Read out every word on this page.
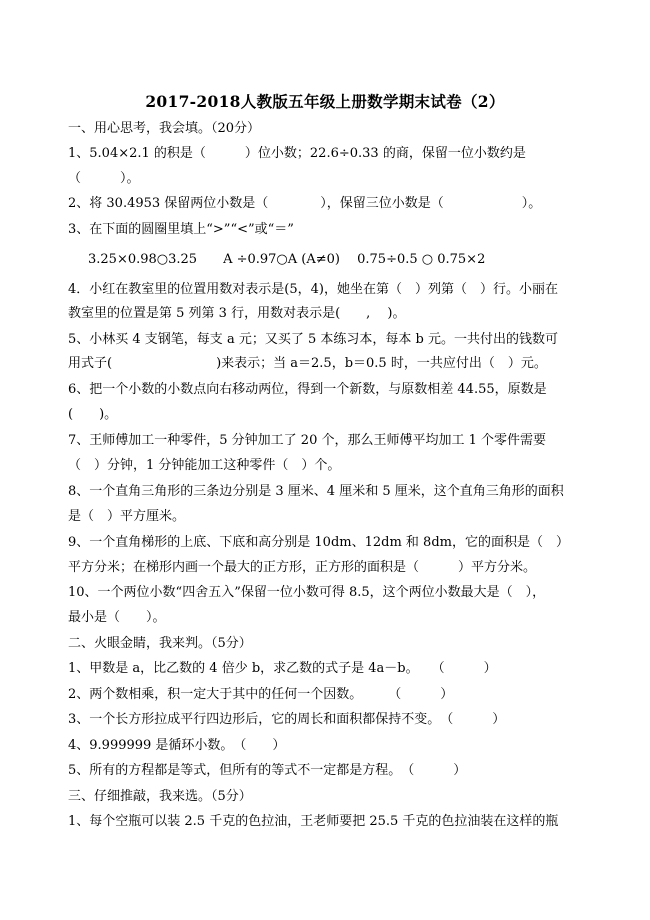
2017-2018人教版五年级上册数学期末试卷（2）
一、用心思考，我会填。（20分）
1、5.04×2.1 的积是（　　　）位小数；22.6÷0.33 的商，保留一位小数约是
（　　　）。
2、将 30.4953 保留两位小数是（　　　　），保留三位小数是（　　　　　　）。
3、在下面的圆圈里填上“>”“<”或“＝”
3.25×0.98○3.25　　A ÷0.97○A (A≠0)　 0.75÷0.5 ○ 0.75×2
4．小红在教室里的位置用数对表示是(5，4)，她坐在第（　）列第（　）行。小丽在
教室里的位置是第 5 列第 3 行，用数对表示是(　　,　 )。
5、小林买 4 支钢笔，每支 a 元；又买了 5 本练习本，每本 b 元。一共付出的钱数可
用式子(　　　　　　　　)来表示；当 a＝2.5，b＝0.5 时，一共应付出（　）元。
6、把一个小数的小数点向右移动两位，得到一个新数，与原数相差 44.55，原数是
(　　)。
7、王师傅加工一种零件，5 分钟加工了 20 个，那么王师傅平均加工 1 个零件需要
（　）分钟，1 分钟能加工这种零件（　）个。
8、一个直角三角形的三条边分别是 3 厘米、4 厘米和 5 厘米，这个直角三角形的面积
是（　）平方厘米。
9、一个直角梯形的上底、下底和高分别是 10dm、12dm 和 8dm，它的面积是（　）
平方分米；在梯形内画一个最大的正方形，正方形的面积是（　　　）平方分米。
10、一个两位小数“四舍五入”保留一位小数可得 8.5，这个两位小数最大是（　），
最小是（　　）。
二、火眼金睛，我来判。（5分）
1、甲数是 a，比乙数的 4 倍少 b，求乙数的式子是 4a－b。　　（　　　）
2、两个数相乘，积一定大于其中的任何一个因数。　　　（　　　）
3、一个长方形拉成平行四边形后，它的周长和面积都保持不变。　（　　　）
4、9.999999 是循环小数。　（　　）
5、所有的方程都是等式，但所有的等式不一定都是方程。　（　　　）
三、仔细推敲，我来选。（5分）
1、每个空瓶可以装 2.5 千克的色拉油，王老师要把 25.5 千克的色拉油装在这样的瓶
